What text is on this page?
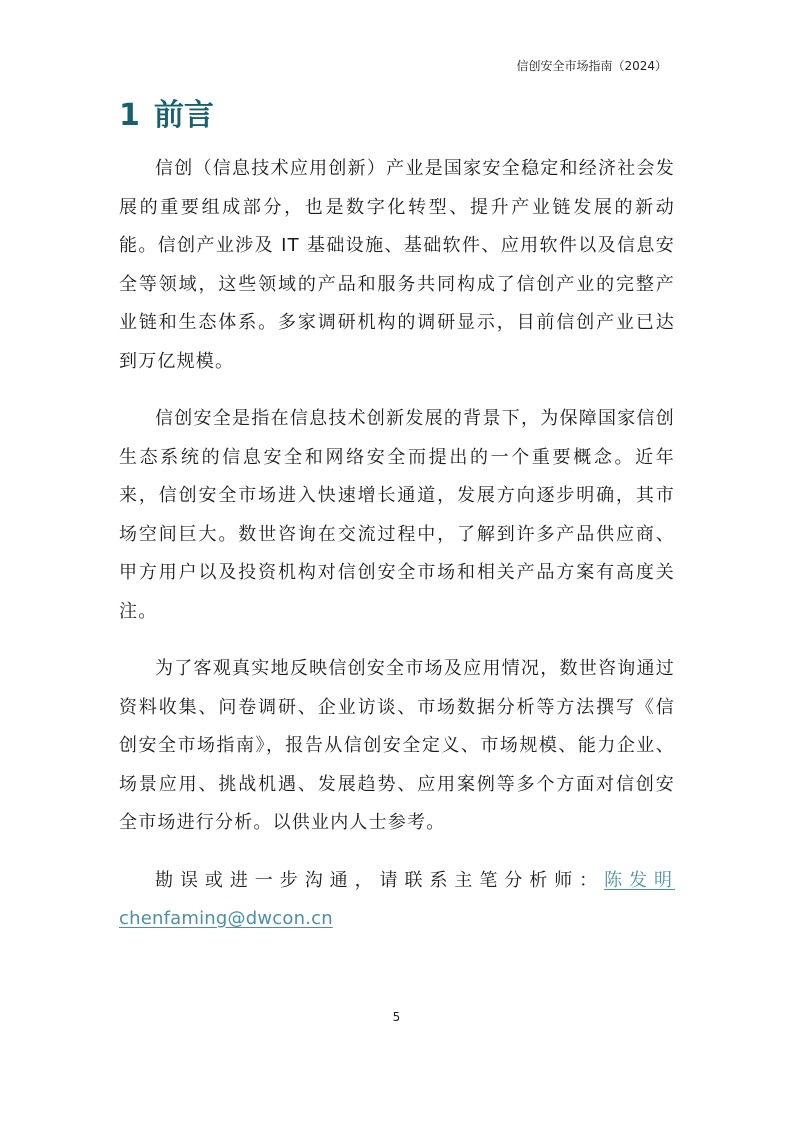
信创安全市场指南（2024）
1 前言

信创（信息技术应用创新）产业是国家安全稳定和经济社会发展的重要组成部分，也是数字化转型、提升产业链发展的新动能。信创产业涉及 IT 基础设施、基础软件、应用软件以及信息安全等领域，这些领域的产品和服务共同构成了信创产业的完整产业链和生态体系。多家调研机构的调研显示，目前信创产业已达到万亿规模。

信创安全是指在信息技术创新发展的背景下，为保障国家信创生态系统的信息安全和网络安全而提出的一个重要概念。近年来，信创安全市场进入快速增长通道，发展方向逐步明确，其市场空间巨大。数世咨询在交流过程中，了解到许多产品供应商、甲方用户以及投资机构对信创安全市场和相关产品方案有高度关注。

为了客观真实地反映信创安全市场及应用情况，数世咨询通过资料收集、问卷调研、企业访谈、市场数据分析等方法撰写《信创安全市场指南》，报告从信创安全定义、市场规模、能力企业、场景应用、挑战机遇、发展趋势、应用案例等多个方面对信创安全市场进行分析。以供业内人士参考。

勘误或进一步沟通，请联系主笔分析师：陈发明

chenfaming@dwcon.cn

5
